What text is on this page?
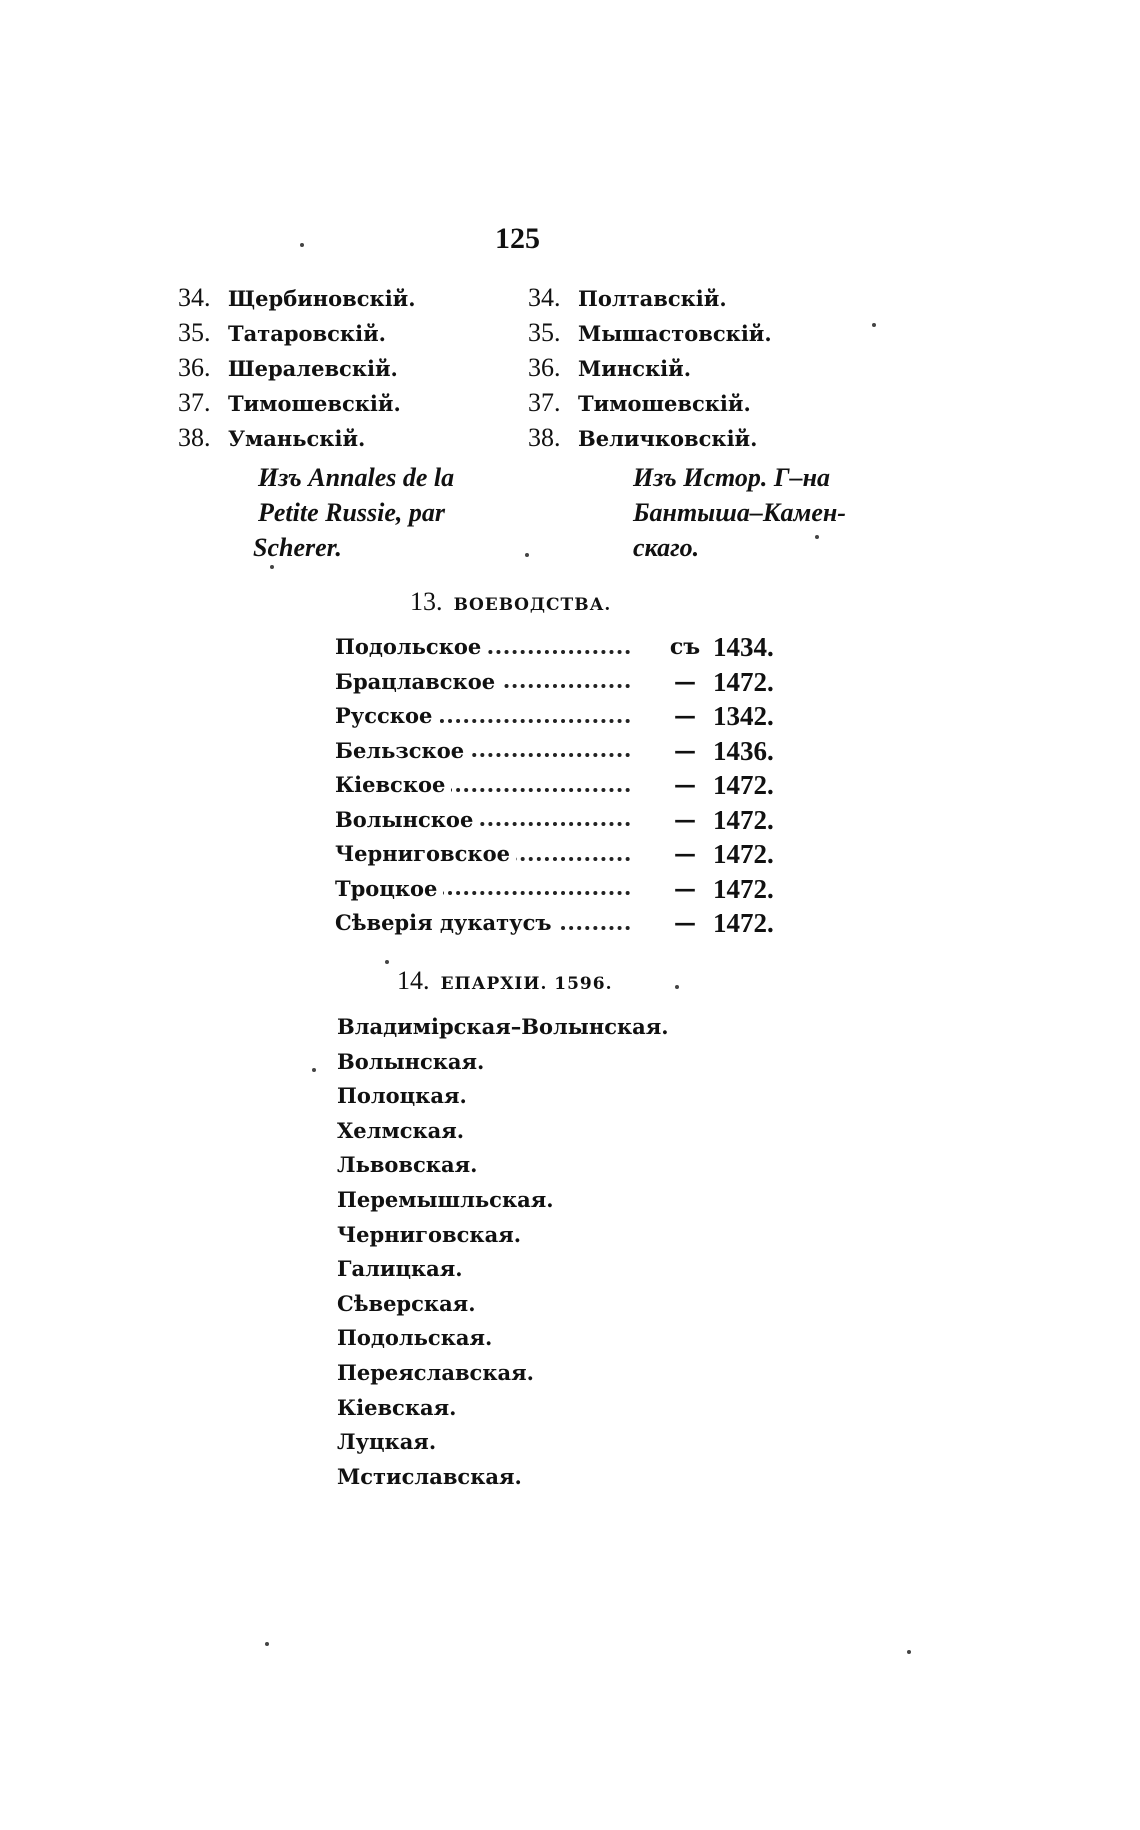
125
34. Щербиновскій.
35. Татаровскій.
36. Шералевскій.
37. Тимошевскій.
38. Уманьскій.
34. Полтавскій.
35. Мышастовскій.
36. Минскій.
37. Тимошевскій.
38. Величковскій.
Изъ Annales de la
Petite Russie, par
Scherer.
Изъ Истор. Г–на
Бантыша–Камен-
скаго.
13. ВОЕВОДСТВА.
Подольское	съ 1434.
Брацлавское	— 1472.
Русское	— 1342.
Бельзское	— 1436.
Кіевское	— 1472.
Волынское	— 1472.
Черниговское	— 1472.
Троцкое	— 1472.
Сѣверія дукатусъ	— 1472.
14. ЕПАРХІИ. 1596.
Владимірская–Волынская.
Волынская.
Полоцкая.
Хелмская.
Львовская.
Перемышльская.
Черниговская.
Галицкая.
Сѣверская.
Подольская.
Переяславская.
Кіевская.
Луцкая.
Мстиславская.
